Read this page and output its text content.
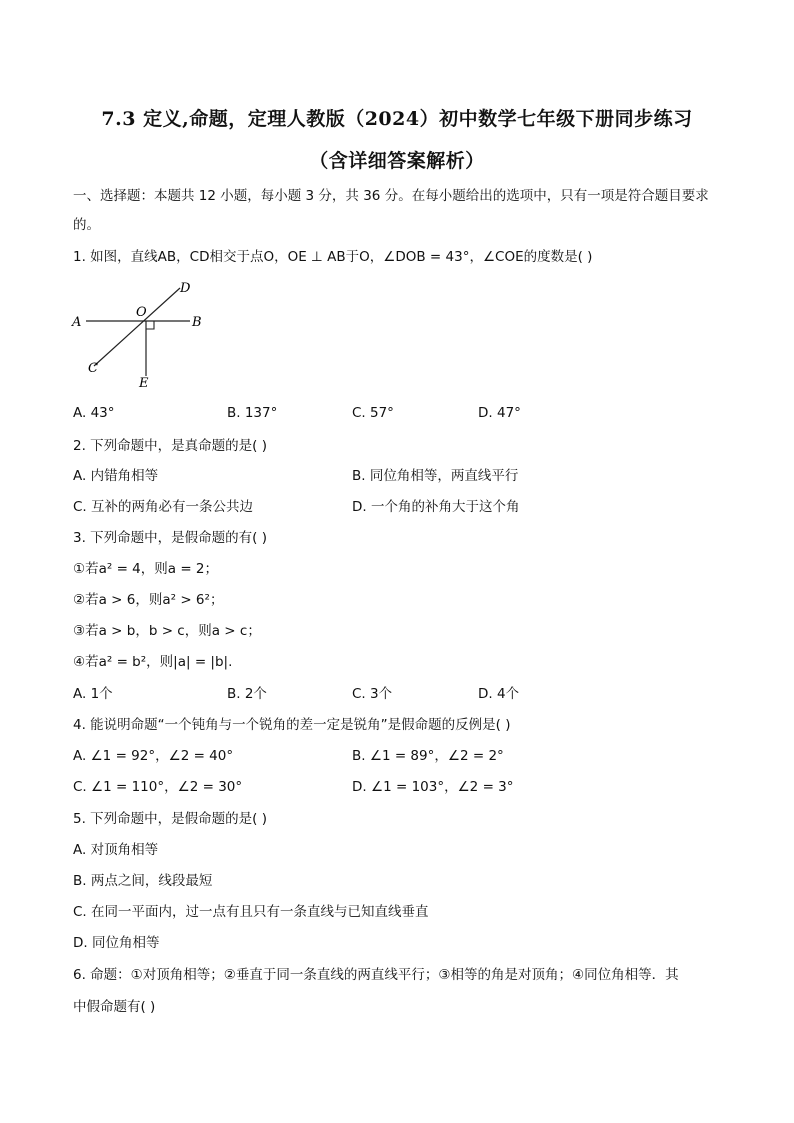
7.3 定义,命题，定理人教版（2024）初中数学七年级下册同步练习
（含详细答案解析）
一、选择题：本题共 12 小题，每小题 3 分，共 36 分。在每小题给出的选项中，只有一项是符合题目要求
的。
1. 如图，直线AB，CD相交于点O，OE ⊥ AB于O，∠DOB = 43°，∠COE的度数是( )
A	B
C
D
O
E
A. 43°	B. 137°	C. 57°	D. 47°
2. 下列命题中，是真命题的是( )
A. 内错角相等	B. 同位角相等，两直线平行
C. 互补的两角必有一条公共边	D. 一个角的补角大于这个角
3. 下列命题中，是假命题的有( )
①若a² = 4，则a = 2；
②若a > 6，则a² > 6²；
③若a > b，b > c，则a > c；
④若a² = b²，则|a| = |b|.
A. 1个	B. 2个	C. 3个	D. 4个
4. 能说明命题“一个钝角与一个锐角的差一定是锐角”是假命题的反例是( )
A. ∠1 = 92°，∠2 = 40°	B. ∠1 = 89°，∠2 = 2°
C. ∠1 = 110°，∠2 = 30°	D. ∠1 = 103°，∠2 = 3°
5. 下列命题中，是假命题的是( )
A. 对顶角相等
B. 两点之间，线段最短
C. 在同一平面内，过一点有且只有一条直线与已知直线垂直
D. 同位角相等
6. 命题：①对顶角相等；②垂直于同一条直线的两直线平行；③相等的角是对顶角；④同位角相等．其
中假命题有( )
